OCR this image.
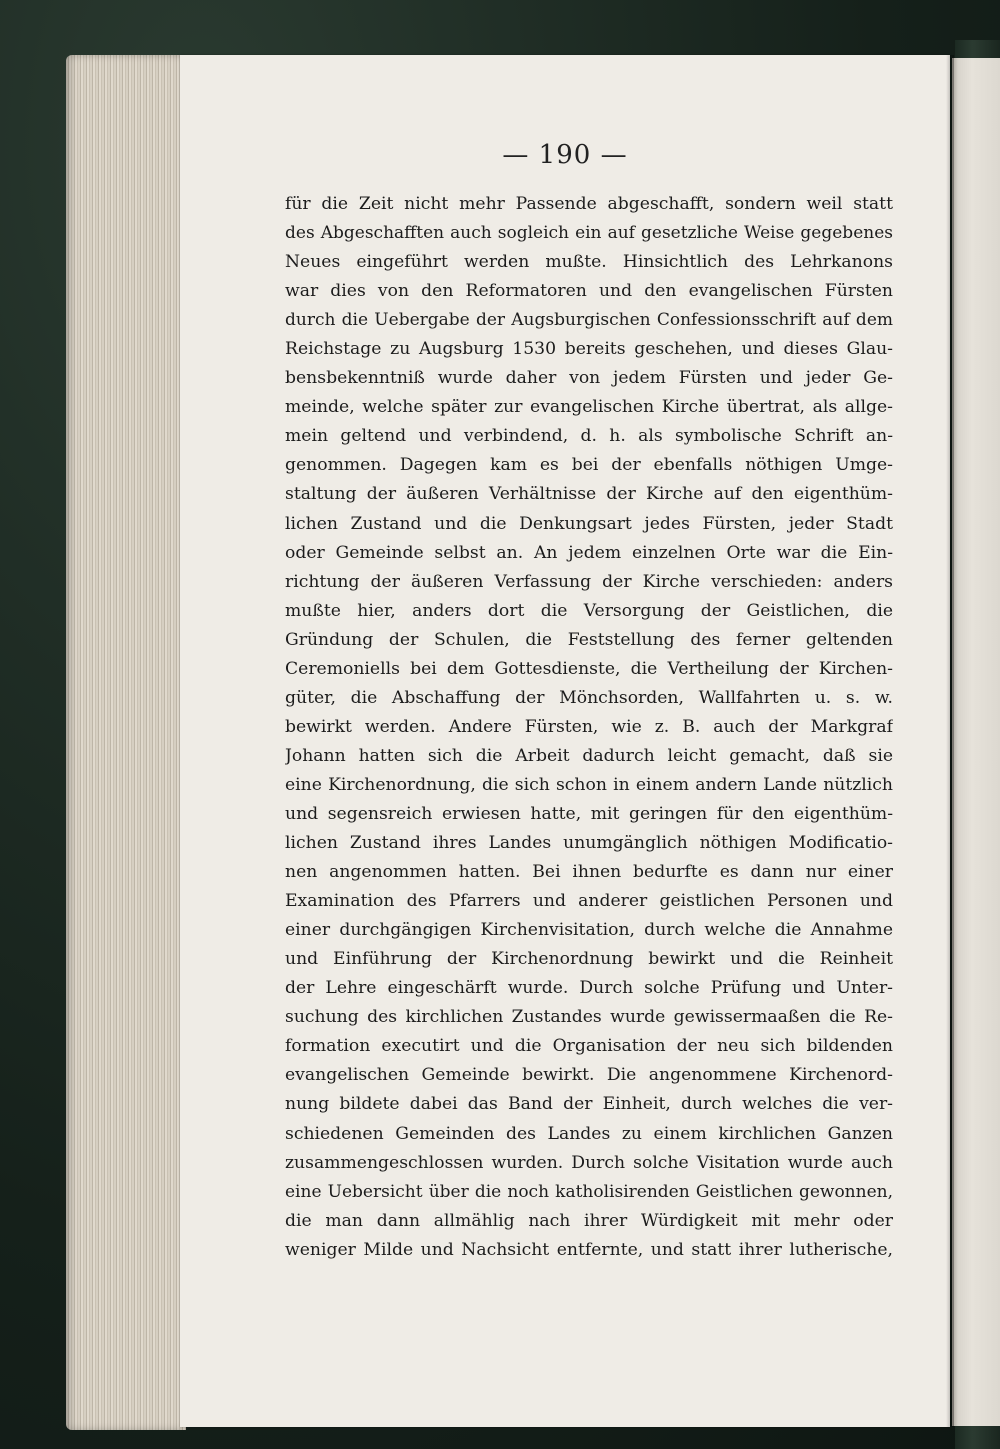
— 190 —
für die Zeit nicht mehr Passende abgeschafft, sondern weil statt
des Abgeschafften auch sogleich ein auf gesetzliche Weise gegebenes
Neues eingeführt werden mußte. Hinsichtlich des Lehrkanons
war dies von den Reformatoren und den evangelischen Fürsten
durch die Uebergabe der Augsburgischen Confessionsschrift auf dem
Reichstage zu Augsburg 1530 bereits geschehen, und dieses Glau-
bensbekenntniß wurde daher von jedem Fürsten und jeder Ge-
meinde, welche später zur evangelischen Kirche übertrat, als allge-
mein geltend und verbindend, d. h. als symbolische Schrift an-
genommen. Dagegen kam es bei der ebenfalls nöthigen Umge-
staltung der äußeren Verhältnisse der Kirche auf den eigenthüm-
lichen Zustand und die Denkungsart jedes Fürsten, jeder Stadt
oder Gemeinde selbst an. An jedem einzelnen Orte war die Ein-
richtung der äußeren Verfassung der Kirche verschieden: anders
mußte hier, anders dort die Versorgung der Geistlichen, die
Gründung der Schulen, die Feststellung des ferner geltenden
Ceremoniells bei dem Gottesdienste, die Vertheilung der Kirchen-
güter, die Abschaffung der Mönchsorden, Wallfahrten u. s. w.
bewirkt werden. Andere Fürsten, wie z. B. auch der Markgraf
Johann hatten sich die Arbeit dadurch leicht gemacht, daß sie
eine Kirchenordnung, die sich schon in einem andern Lande nützlich
und segensreich erwiesen hatte, mit geringen für den eigenthüm-
lichen Zustand ihres Landes unumgänglich nöthigen Modificatio-
nen angenommen hatten. Bei ihnen bedurfte es dann nur einer
Examination des Pfarrers und anderer geistlichen Personen und
einer durchgängigen Kirchenvisitation, durch welche die Annahme
und Einführung der Kirchenordnung bewirkt und die Reinheit
der Lehre eingeschärft wurde. Durch solche Prüfung und Unter-
suchung des kirchlichen Zustandes wurde gewissermaaßen die Re-
formation executirt und die Organisation der neu sich bildenden
evangelischen Gemeinde bewirkt. Die angenommene Kirchenord-
nung bildete dabei das Band der Einheit, durch welches die ver-
schiedenen Gemeinden des Landes zu einem kirchlichen Ganzen
zusammengeschlossen wurden. Durch solche Visitation wurde auch
eine Uebersicht über die noch katholisirenden Geistlichen gewonnen,
die man dann allmählig nach ihrer Würdigkeit mit mehr oder
weniger Milde und Nachsicht entfernte, und statt ihrer lutherische,
